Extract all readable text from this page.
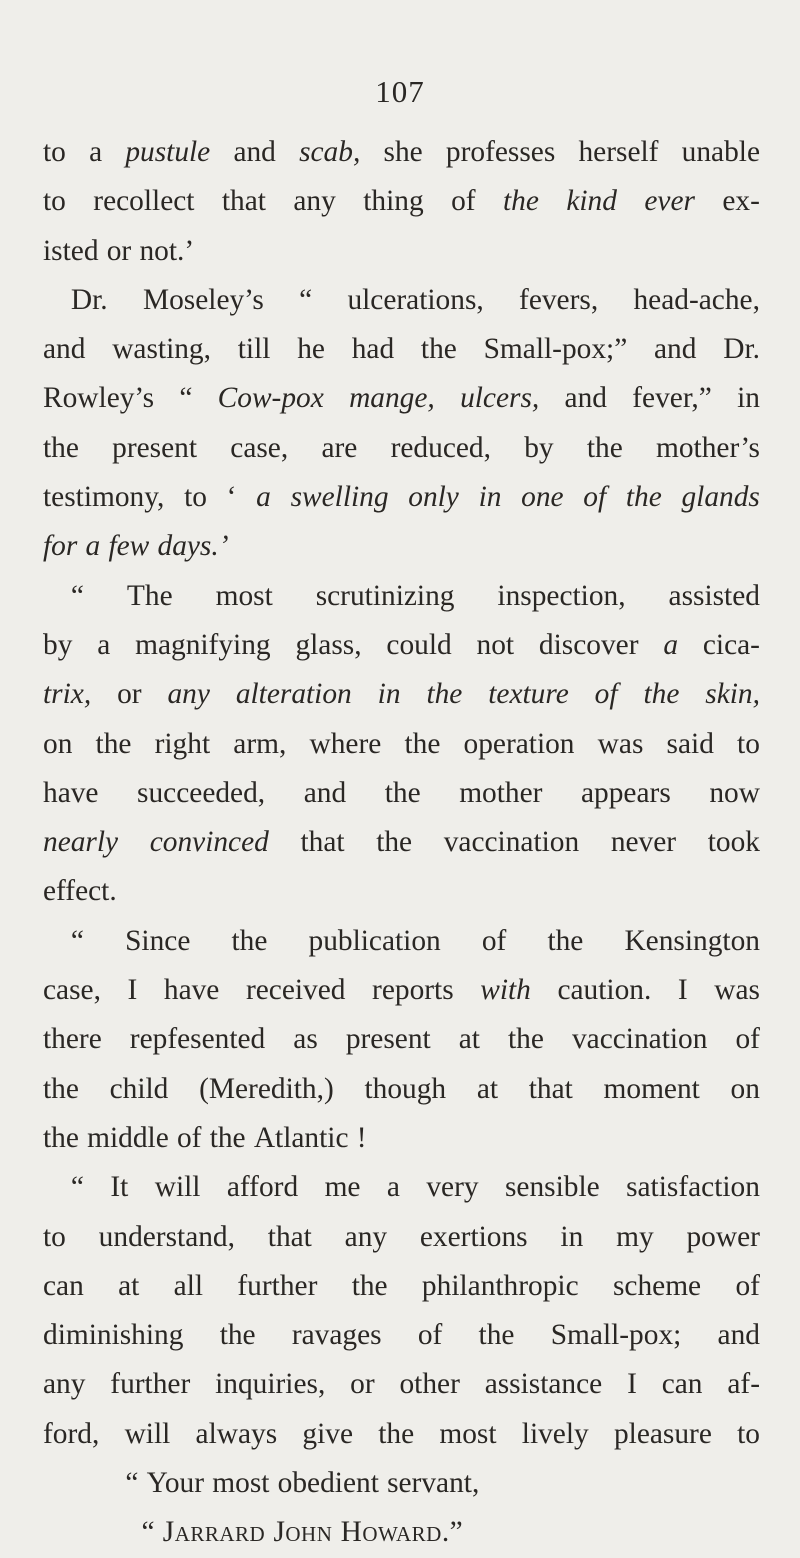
107
to a pustule and scab, she professes herself unable
to recollect that any thing of the kind ever ex-
isted or not.’
Dr. Moseley’s “ ulcerations, fevers, head-ache,
and wasting, till he had the Small-pox;” and Dr.
Rowley’s “ Cow-pox mange, ulcers, and fever,” in
the present case, are reduced, by the mother’s
testimony, to ‘ a swelling only in one of the glands
for a few days.’
“ The most scrutinizing inspection, assisted
by a magnifying glass, could not discover a cica-
trix, or any alteration in the texture of the skin,
on the right arm, where the operation was said to
have succeeded, and the mother appears now
nearly convinced that the vaccination never took
effect.
“ Since the publication of the Kensington
case, I have received reports with caution. I was
there repfesented as present at the vaccination of
the child (Meredith,) though at that moment on
the middle of the Atlantic !
“ It will afford me a very sensible satisfaction
to understand, that any exertions in my power
can at all further the philanthropic scheme of
diminishing the ravages of the Small-pox; and
any further inquiries, or other assistance I can af-
ford, will always give the most lively pleasure to
“ Your most obedient servant,
“ Jarrard John Howard.”
